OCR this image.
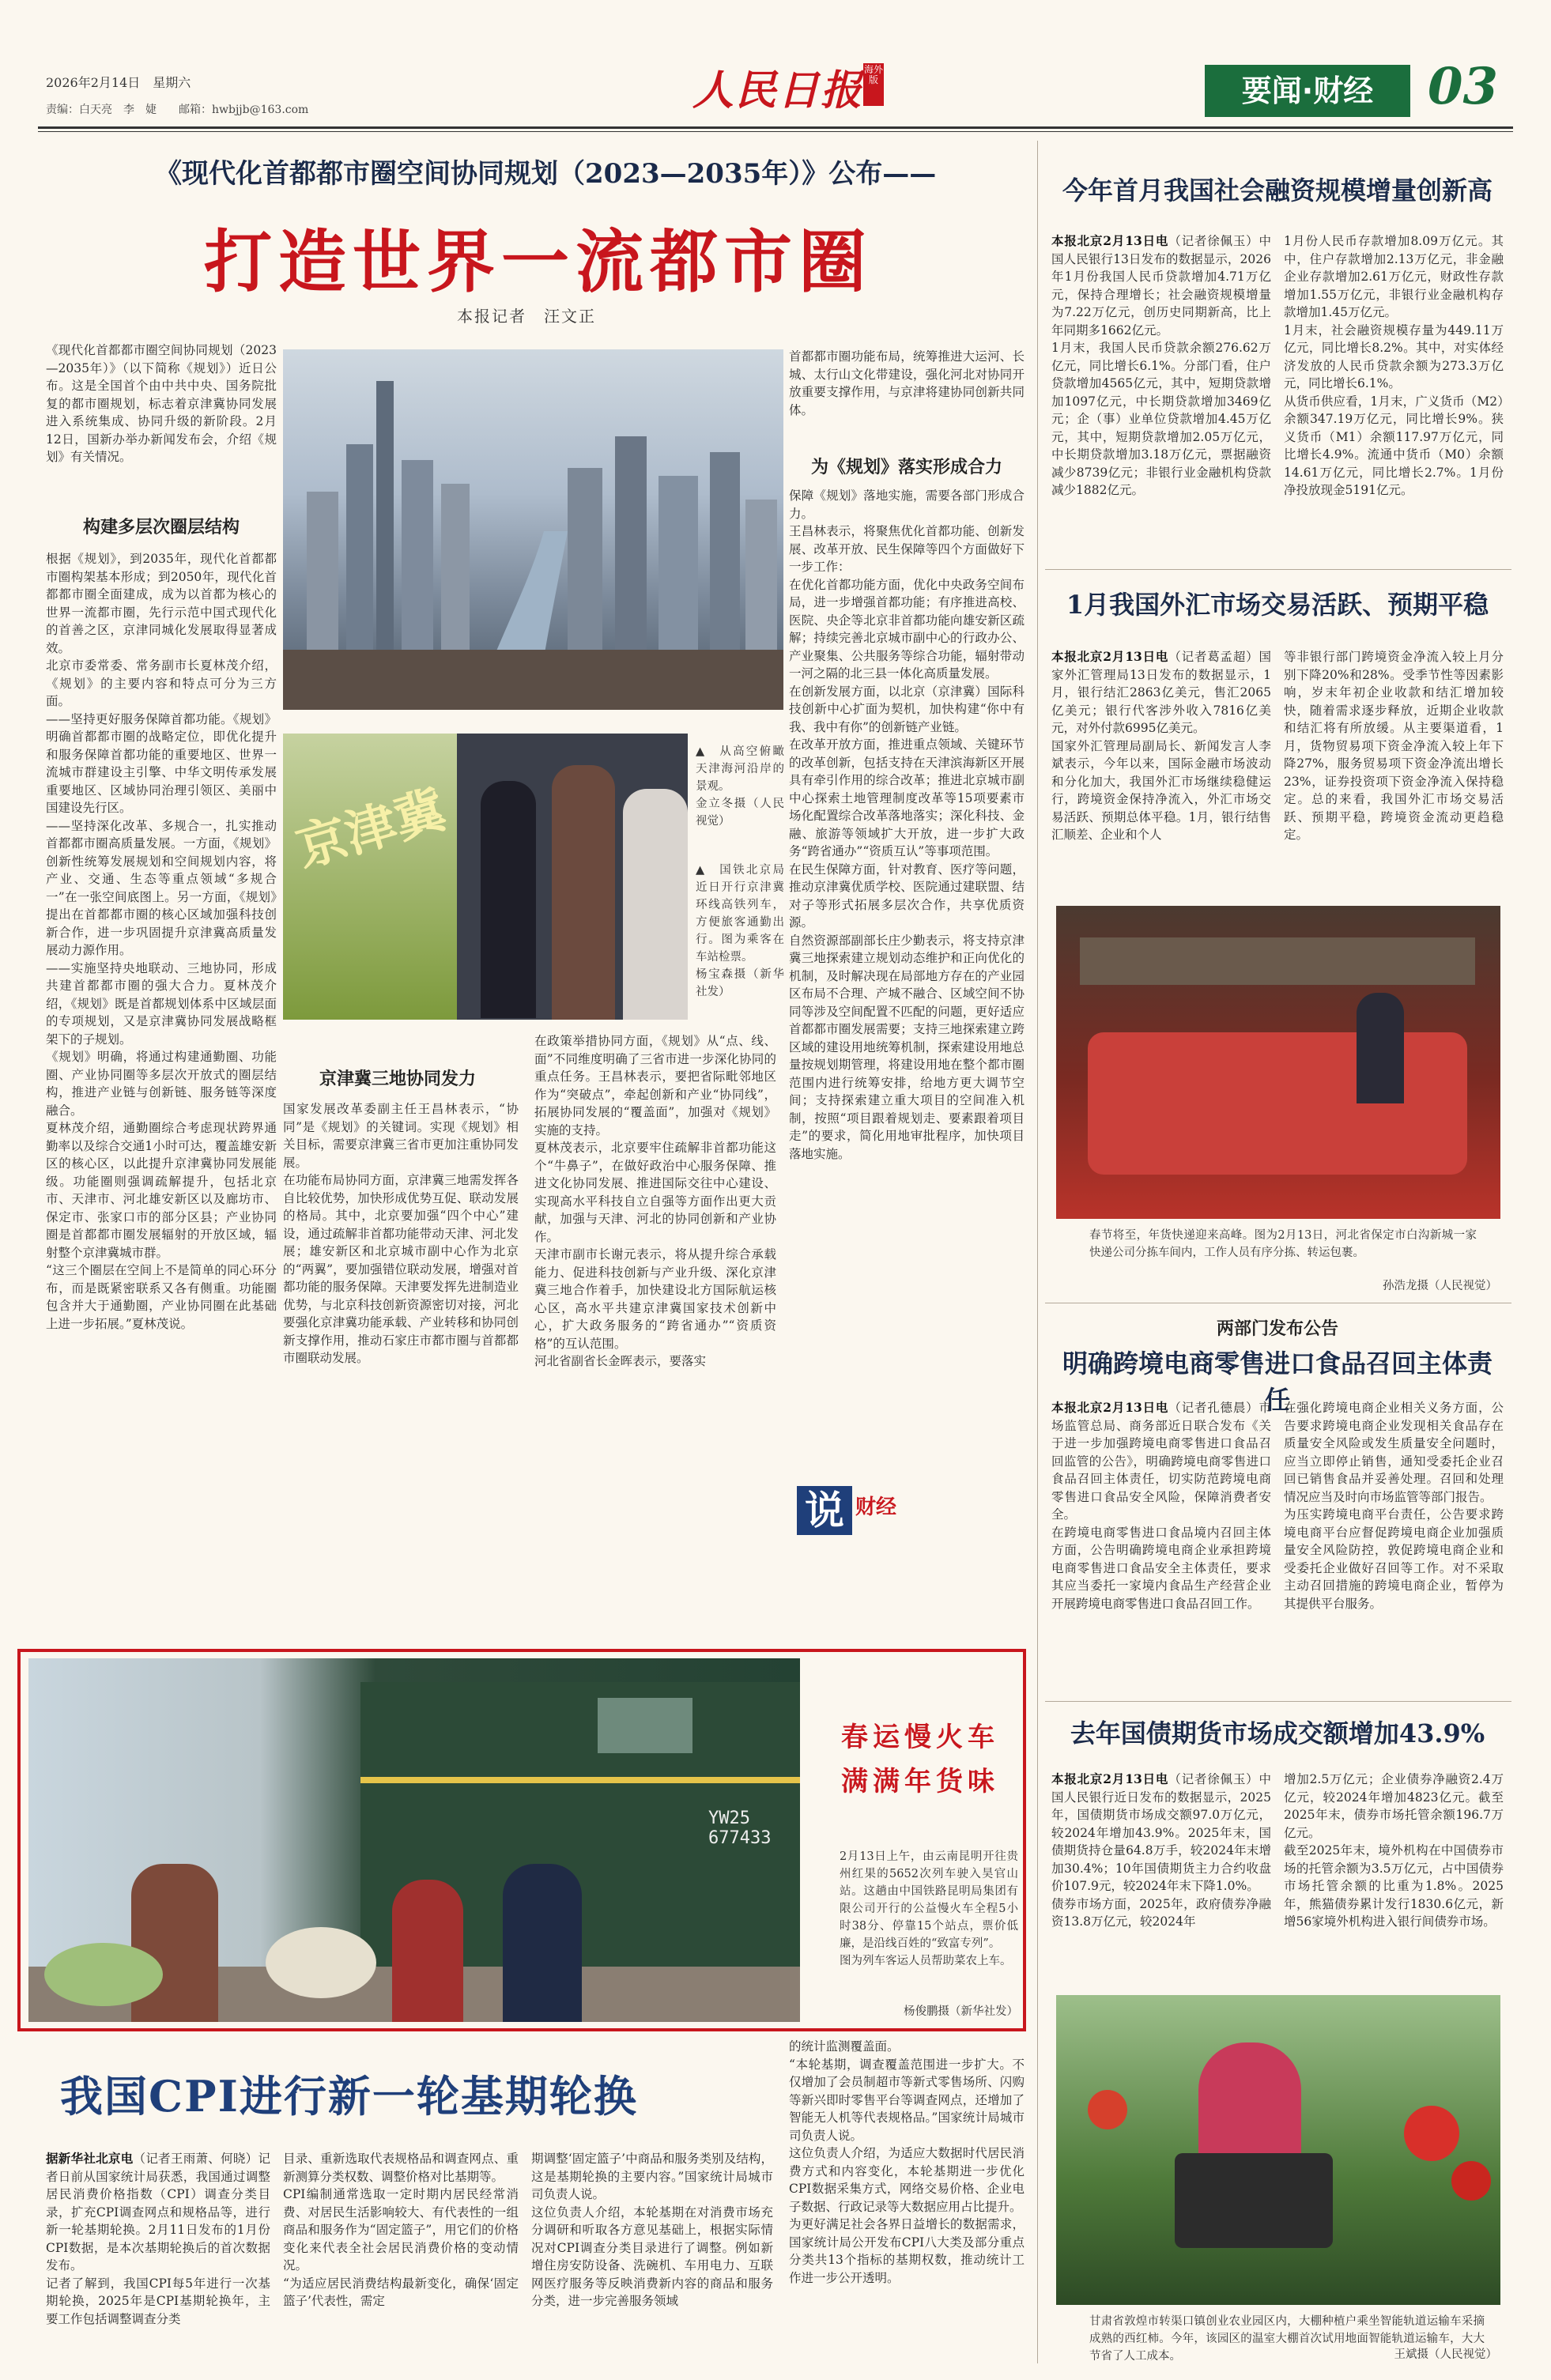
2026年2月14日　星期六
责编：白天亮　李　婕　　 邮箱：hwbjjb@163.com	人民日报 海外版	要闻·财经	03
《现代化首都都市圈空间协同规划（2023—2035年）》公布——
打造世界一流都市圈
本报记者　汪文正
《现代化首都都市圈空间协同规划（2023—2035年）》（以下简称《规划》）近日公布。这是全国首个由中共中央、国务院批复的都市圈规划，标志着京津冀协同发展进入系统集成、协同升级的新阶段。2月12日，国新办举办新闻发布会，介绍《规划》有关情况。
构建多层次圈层结构
根据《规划》，到2035年，现代化首都都市圈构架基本形成；到2050年，现代化首都都市圈全面建成，成为以首都为核心的世界一流都市圈，先行示范中国式现代化的首善之区，京津同城化发展取得显著成效。
北京市委常委、常务副市长夏林茂介绍，《规划》的主要内容和特点可分为三方面。
——坚持更好服务保障首都功能。《规划》明确首都都市圈的战略定位，即优化提升和服务保障首都功能的重要地区、世界一流城市群建设主引擎、中华文明传承发展重要地区、区域协同治理引领区、美丽中国建设先行区。
——坚持深化改革、多规合一，扎实推动首都都市圈高质量发展。一方面，《规划》创新性统筹发展规划和空间规划内容，将产业、交通、生态等重点领域“多规合一”在一张空间底图上。另一方面，《规划》提出在首都都市圈的核心区域加强科技创新合作，进一步巩固提升京津冀高质量发展动力源作用。
——实施坚持央地联动、三地协同，形成共建首都都市圈的强大合力。夏林茂介绍，《规划》既是首都规划体系中区域层面的专项规划，又是京津冀协同发展战略框架下的子规划。
《规划》明确，将通过构建通勤圈、功能圈、产业协同圈等多层次开放式的圈层结构，推进产业链与创新链、服务链等深度融合。
夏林茂介绍，通勤圈综合考虑现状跨界通勤率以及综合交通1小时可达，覆盖雄安新区的核心区，以此提升京津冀协同发展能级。功能圈则强调疏解提升，包括北京市、天津市、河北雄安新区以及廊坊市、保定市、张家口市的部分区县；产业协同圈是首都都市圈发展辐射的开放区域，辐射整个京津冀城市群。
“这三个圈层在空间上不是简单的同心环分布，而是既紧密联系又各有侧重。功能圈包含并大于通勤圈，产业协同圈在此基础上进一步拓展。”夏林茂说。
京津冀
▲　从高空俯瞰天津海河沿岸的景观。
金立冬摄（人民视觉）
▲　国铁北京局近日开行京津冀环线高铁列车，方便旅客通勤出行。图为乘客在车站检票。
杨宝森摄（新华社发）
京津冀三地协同发力
国家发展改革委副主任王昌林表示，“协同”是《规划》的关键词。实现《规划》相关目标，需要京津冀三省市更加注重协同发展。
在功能布局协同方面，京津冀三地需发挥各自比较优势，加快形成优势互促、联动发展的格局。其中，北京要加强“四个中心”建设，通过疏解非首都功能带动天津、河北发展；雄安新区和北京城市副中心作为北京的“两翼”，要加强错位联动发展，增强对首都功能的服务保障。天津要发挥先进制造业优势，与北京科技创新资源密切对接，河北要强化京津冀功能承载、产业转移和协同创新支撑作用，推动石家庄市都市圈与首都都市圈联动发展。
在政策举措协同方面，《规划》从“点、线、面”不同维度明确了三省市进一步深化协同的重点任务。王昌林表示，要把省际毗邻地区作为“突破点”，牵起创新和产业“协同线”，拓展协同发展的“覆盖面”，加强对《规划》实施的支持。
夏林茂表示，北京要牢住疏解非首都功能这个“牛鼻子”，在做好政治中心服务保障、推进文化协同发展、推进国际交往中心建设、实现高水平科技自立自强等方面作出更大贡献，加强与天津、河北的协同创新和产业协作。
天津市副市长谢元表示，将从提升综合承载能力、促进科技创新与产业升级、深化京津冀三地合作着手，加快建设北方国际航运核心区，高水平共建京津冀国家技术创新中心，扩大政务服务的“跨省通办”“资质资格”的互认范围。
河北省副省长金晖表示，要落实
首都都市圈功能布局，统筹推进大运河、长城、太行山文化带建设，强化河北对协同开放重要支撑作用，与京津将建协同创新共同体。
为《规划》落实形成合力
保障《规划》落地实施，需要各部门形成合力。
王昌林表示，将聚焦优化首都功能、创新发展、改革开放、民生保障等四个方面做好下一步工作：
在优化首都功能方面，优化中央政务空间布局，进一步增强首都功能；有序推进高校、医院、央企等北京非首都功能向雄安新区疏解；持续完善北京城市副中心的行政办公、产业聚集、公共服务等综合功能，辐射带动一河之隔的北三县一体化高质量发展。
在创新发展方面，以北京（京津冀）国际科技创新中心扩面为契机，加快构建“你中有我、我中有你”的创新链产业链。
在改革开放方面，推进重点领域、关键环节的改革创新，包括支持在天津滨海新区开展具有牵引作用的综合改革；推进北京城市副中心探索土地管理制度改革等15项要素市场化配置综合改革落地落实；深化科技、金融、旅游等领域扩大开放，进一步扩大政务“跨省通办”“资质互认”等事项范围。
在民生保障方面，针对教育、医疗等问题，推动京津冀优质学校、医院通过建联盟、结对子等形式拓展多层次合作，共享优质资源。
自然资源部副部长庄少勤表示，将支持京津冀三地探索建立规划动态维护和正向优化的机制，及时解决现在局部地方存在的产业园区布局不合理、产城不融合、区域空间不协同等涉及空间配置不匹配的问题，更好适应首都都市圈发展需要；支持三地探索建立跨区域的建设用地统筹机制，探索建设用地总量按规划期管理，将建设用地在整个都市圈范围内进行统筹安排，给地方更大调节空间；支持探索建立重大项目的空间准入机制，按照“项目跟着规划走、要素跟着项目走”的要求，简化用地审批程序，加快项目落地实施。
说 财经
YW25 677433
春运慢火车
满满年货味
2月13日上午，由云南昆明开往贵州红果的5652次列车驶入昊官山站。这趟由中国铁路昆明局集团有限公司开行的公益慢火车全程5小时38分、停靠15个站点，票价低廉，是沿线百姓的“致富专列”。
图为列车客运人员帮助菜农上车。
杨俊鹏摄（新华社发）
我国CPI进行新一轮基期轮换
据新华社北京电（记者王雨萧、何晓）记者日前从国家统计局获悉，我国通过调整居民消费价格指数（CPI）调查分类目录，扩充CPI调查网点和规格品等，进行新一轮基期轮换。2月11日发布的1月份CPI数据，是本次基期轮换后的首次数据发布。
记者了解到，我国CPI每5年进行一次基期轮换，2025年是CPI基期轮换年，主要工作包括调整调查分类
目录、重新选取代表规格品和调查网点、重新测算分类权数、调整价格对比基期等。
CPI编制通常选取一定时期内居民经常消费、对居民生活影响较大、有代表性的一组商品和服务作为“固定篮子”，用它们的价格变化来代表全社会居民消费价格的变动情况。
“为适应居民消费结构最新变化，确保‘固定篮子’代表性，需定
期调整‘固定篮子’中商品和服务类别及结构，这是基期轮换的主要内容。”国家统计局城市司负责人说。
这位负责人介绍，本轮基期在对消费市场充分调研和听取各方意见基础上，根据实际情况对CPI调查分类目录进行了调整。例如新增住房安防设备、洗碗机、车用电力、互联网医疗服务等反映消费新内容的商品和服务分类，进一步完善服务领域
的统计监测覆盖面。
“本轮基期，调查覆盖范围进一步扩大。不仅增加了会员制超市等新式零售场所、闪购等新兴即时零售平台等调查网点，还增加了智能无人机等代表规格品。”国家统计局城市司负责人说。
这位负责人介绍，为适应大数据时代居民消费方式和内容变化，本轮基期进一步优化CPI数据采集方式，网络交易价格、企业电子数据、行政记录等大数据应用占比提升。
为更好满足社会各界日益增长的数据需求，国家统计局公开发布CPI八大类及部分重点分类共13个指标的基期权数，推动统计工作进一步公开透明。
今年首月我国社会融资规模增量创新高
本报北京2月13日电（记者徐佩玉）中国人民银行13日发布的数据显示，2026年1月份我国人民币贷款增加4.71万亿元，保持合理增长；社会融资规模增量为7.22万亿元，创历史同期新高，比上年同期多1662亿元。
1月末，我国人民币贷款余额276.62万亿元，同比增长6.1%。分部门看，住户贷款增加4565亿元，其中，短期贷款增加1097亿元，中长期贷款增加3469亿元；企（事）业单位贷款增加4.45万亿元，其中，短期贷款增加2.05万亿元，中长期贷款增加3.18万亿元，票据融资减少8739亿元；非银行业金融机构贷款减少1882亿元。
1月份人民币存款增加8.09万亿元。其中，住户存款增加2.13万亿元，非金融企业存款增加2.61万亿元，财政性存款增加1.55万亿元，非银行业金融机构存款增加1.45万亿元。
1月末，社会融资规模存量为449.11万亿元，同比增长8.2%。其中，对实体经济发放的人民币贷款余额为273.3万亿元，同比增长6.1%。
从货币供应看，1月末，广义货币（M2）余额347.19万亿元，同比增长9%。狭义货币（M1）余额117.97万亿元，同比增长4.9%。流通中货币（M0）余额14.61万亿元，同比增长2.7%。1月份净投放现金5191亿元。
1月我国外汇市场交易活跃、预期平稳
本报北京2月13日电（记者葛孟超）国家外汇管理局13日发布的数据显示，1月，银行结汇2863亿美元，售汇2065亿美元；银行代客涉外收入7816亿美元，对外付款6995亿美元。
国家外汇管理局副局长、新闻发言人李斌表示，今年以来，国际金融市场波动和分化加大，我国外汇市场继续稳健运行，跨境资金保持净流入，外汇市场交易活跃、预期总体平稳。1月，银行结售汇顺差、企业和个人
等非银行部门跨境资金净流入较上月分别下降20%和28%。受季节性等因素影响，岁末年初企业收款和结汇增加较快，随着需求逐步释放，近期企业收款和结汇将有所放缓。从主要渠道看，1月，货物贸易项下资金净流入较上年下降27%，服务贸易项下资金净流出增长23%，证券投资项下资金净流入保持稳定。总的来看，我国外汇市场交易活跃、预期平稳，跨境资金流动更趋稳定。
春节将至，年货快递迎来高峰。图为2月13日，河北省保定市白沟新城一家快递公司分拣车间内，工作人员有序分拣、转运包裹。
孙浩龙摄（人民视觉）
两部门发布公告
明确跨境电商零售进口食品召回主体责任
本报北京2月13日电（记者孔德晨）市场监管总局、商务部近日联合发布《关于进一步加强跨境电商零售进口食品召回监管的公告》，明确跨境电商零售进口食品召回主体责任，切实防范跨境电商零售进口食品安全风险，保障消费者安全。
在跨境电商零售进口食品境内召回主体方面，公告明确跨境电商企业承担跨境电商零售进口食品安全主体责任，要求其应当委托一家境内食品生产经营企业开展跨境电商零售进口食品召回工作。
在强化跨境电商企业相关义务方面，公告要求跨境电商企业发现相关食品存在质量安全风险或发生质量安全问题时，应当立即停止销售，通知受委托企业召回已销售食品并妥善处理。召回和处理情况应当及时向市场监管等部门报告。
为压实跨境电商平台责任，公告要求跨境电商平台应督促跨境电商企业加强质量安全风险防控，敦促跨境电商企业和受委托企业做好召回等工作。对不采取主动召回措施的跨境电商企业，暂停为其提供平台服务。
去年国债期货市场成交额增加43.9%
本报北京2月13日电（记者徐佩玉）中国人民银行近日发布的数据显示，2025年，国债期货市场成交额97.0万亿元，较2024年增加43.9%。2025年末，国债期货持仓量64.8万手，较2024年末增加30.4%；10年国债期货主力合约收盘价107.9元，较2024年末下降1.0%。
债券市场方面，2025年，政府债券净融资13.8万亿元，较2024年
增加2.5万亿元；企业债券净融资2.4万亿元，较2024年增加4823亿元。截至2025年末，债券市场托管余额196.7万亿元。
截至2025年末，境外机构在中国债券市场的托管余额为3.5万亿元，占中国债券市场托管余额的比重为1.8%。2025年，熊猫债券累计发行1830.6亿元，新增56家境外机构进入银行间债券市场。
甘肃省敦煌市转渠口镇创业农业园区内，大棚种植户乘坐智能轨道运输车采摘成熟的西红柿。今年，该园区的温室大棚首次试用地面智能轨道运输车，大大节省了人工成本。	王斌摄（人民视觉）
